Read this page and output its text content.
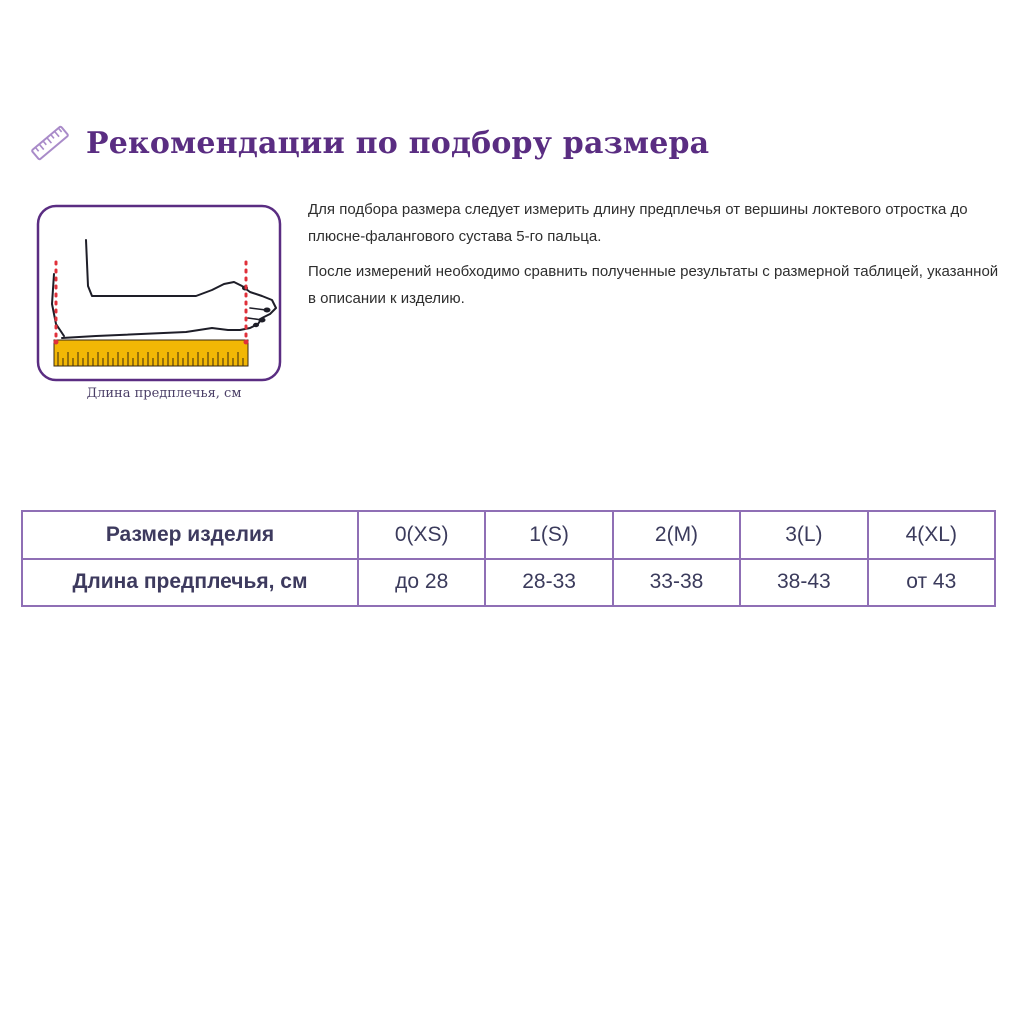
Рекомендации по подбору размера
Длина предплечья, см

Для подбора размера следует измерить длину предплечья от вершины локтевого отростка до плюсне-фалангового сустава 5-го пальца.

После измерений необходимо сравнить полученные результаты с размерной таблицей, указанной в описании к изделию.

Размер изделия	0(XS)	1(S)	2(M)	3(L)	4(XL)
Длина предплечья, см	до 28	28-33	33-38	38-43	от 43
